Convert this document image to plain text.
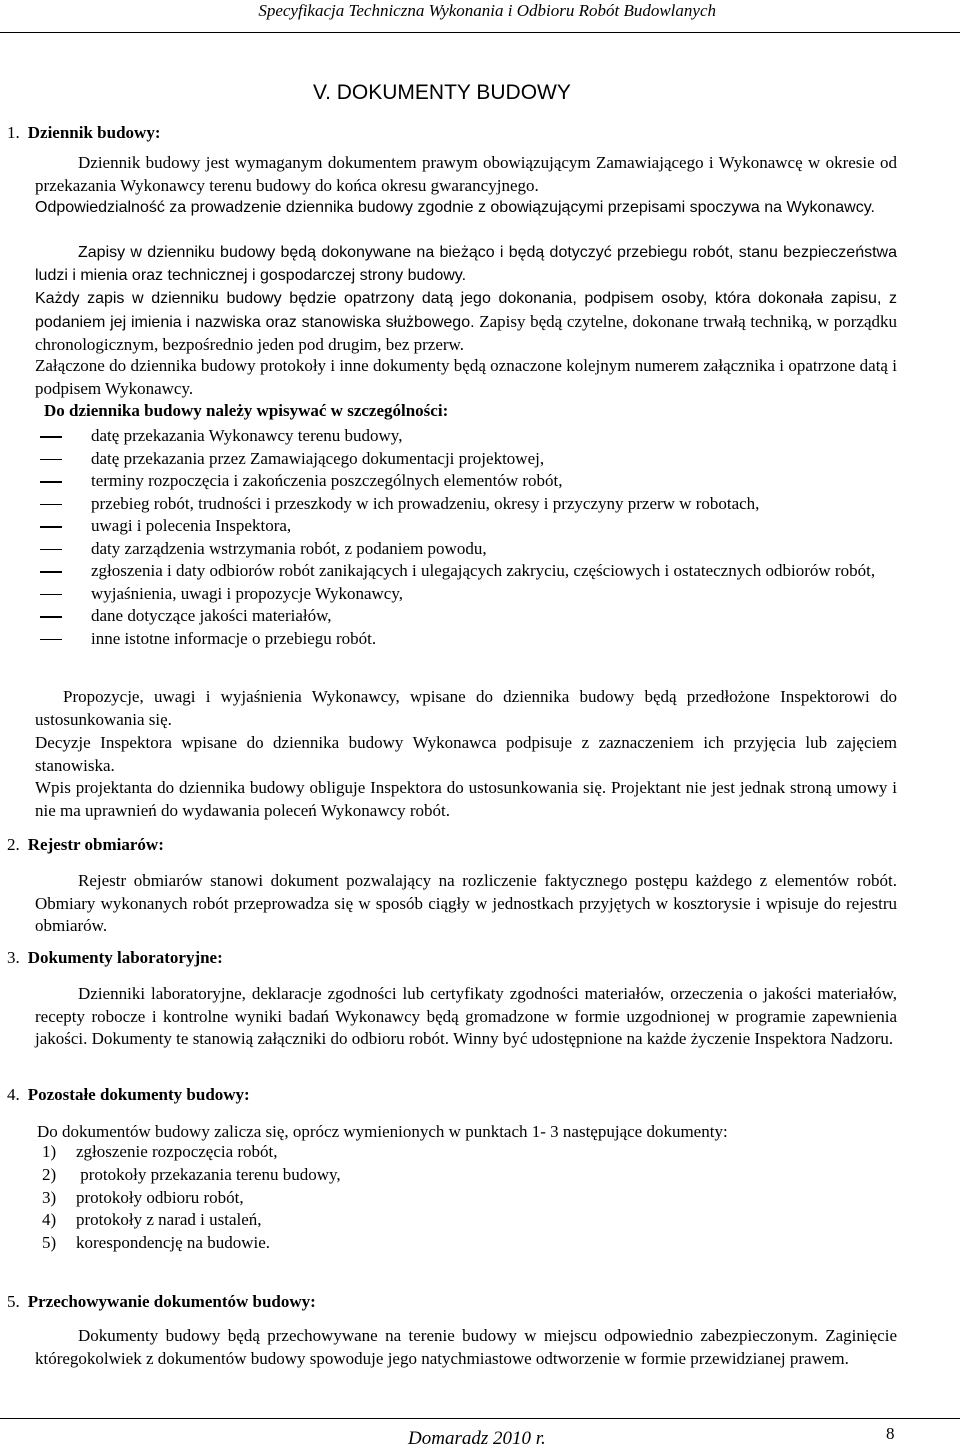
Specyfikacja Techniczna Wykonania i Odbioru Robót Budowlanych
V. DOKUMENTY BUDOWY
1. Dziennik budowy:

Dziennik budowy jest wymaganym dokumentem prawym obowiązującym Zamawiającego i Wykonawcę w okresie od przekazania Wykonawcy terenu budowy do końca okresu gwarancyjnego.

Odpowiedzialność za prowadzenie dziennika budowy zgodnie z obowiązującymi przepisami spoczywa na Wykonawcy.

Zapisy w dzienniku budowy będą dokonywane na bieżąco i będą dotyczyć przebiegu robót, stanu bezpieczeństwa ludzi i mienia oraz technicznej i gospodarczej strony budowy.

Każdy zapis w dzienniku budowy będzie opatrzony datą jego dokonania, podpisem osoby, która dokonała zapisu, z podaniem jej imienia i nazwiska oraz stanowiska służbowego. Zapisy będą czytelne, dokonane trwałą techniką, w porządku chronologicznym, bezpośrednio jeden pod drugim, bez przerw.

Załączone do dziennika budowy protokoły i inne dokumenty będą oznaczone kolejnym numerem załącznika i opatrzone datą i podpisem Wykonawcy.

Do dziennika budowy należy wpisywać w szczególności:
datę przekazania Wykonawcy terenu budowy,
datę przekazania przez Zamawiającego dokumentacji projektowej,
terminy rozpoczęcia i zakończenia poszczególnych elementów robót,
przebieg robót, trudności i przeszkody w ich prowadzeniu, okresy i przyczyny przerw w robotach,
uwagi i polecenia Inspektora,
daty zarządzenia wstrzymania robót, z podaniem powodu,
zgłoszenia i daty odbiorów robót zanikających i ulegających zakryciu, częściowych i ostatecznych odbiorów robót,
wyjaśnienia, uwagi i propozycje Wykonawcy,
dane dotyczące jakości materiałów,
inne istotne informacje o przebiegu robót.

Propozycje, uwagi i wyjaśnienia Wykonawcy, wpisane do dziennika budowy będą przedłożone Inspektorowi do ustosunkowania się.

Decyzje Inspektora wpisane do dziennika budowy Wykonawca podpisuje z zaznaczeniem ich przyjęcia lub zajęciem stanowiska.

Wpis projektanta do dziennika budowy obliguje Inspektora do ustosunkowania się. Projektant nie jest jednak stroną umowy i nie ma uprawnień do wydawania poleceń Wykonawcy robót.

2. Rejestr obmiarów:

Rejestr obmiarów stanowi dokument pozwalający na rozliczenie faktycznego postępu każdego z elementów robót. Obmiary wykonanych robót przeprowadza się w sposób ciągły w jednostkach przyjętych w kosztorysie i wpisuje do rejestru obmiarów.

3. Dokumenty laboratoryjne:

Dzienniki laboratoryjne, deklaracje zgodności lub certyfikaty zgodności materiałów, orzeczenia o jakości materiałów, recepty robocze i kontrolne wyniki badań Wykonawcy będą gromadzone w formie uzgodnionej w programie zapewnienia jakości. Dokumenty te stanowią załączniki do odbioru robót. Winny być udostępnione na każde życzenie Inspektora Nadzoru.

4. Pozostałe dokumenty budowy:

Do dokumentów budowy zalicza się, oprócz wymienionych w punktach 1- 3 następujące dokumenty:

1) zgłoszenie rozpoczęcia robót,
2) protokoły przekazania terenu budowy,
3) protokoły odbioru robót,
4) protokoły z narad i ustaleń,
5) korespondencję na budowie.
5. Przechowywanie dokumentów budowy:

Dokumenty budowy będą przechowywane na terenie budowy w miejscu odpowiednio zabezpieczonym. Zaginięcie któregokolwiek z dokumentów budowy spowoduje jego natychmiastowe odtworzenie w formie przewidzianej prawem.

Domaradz 2010 r.	8
